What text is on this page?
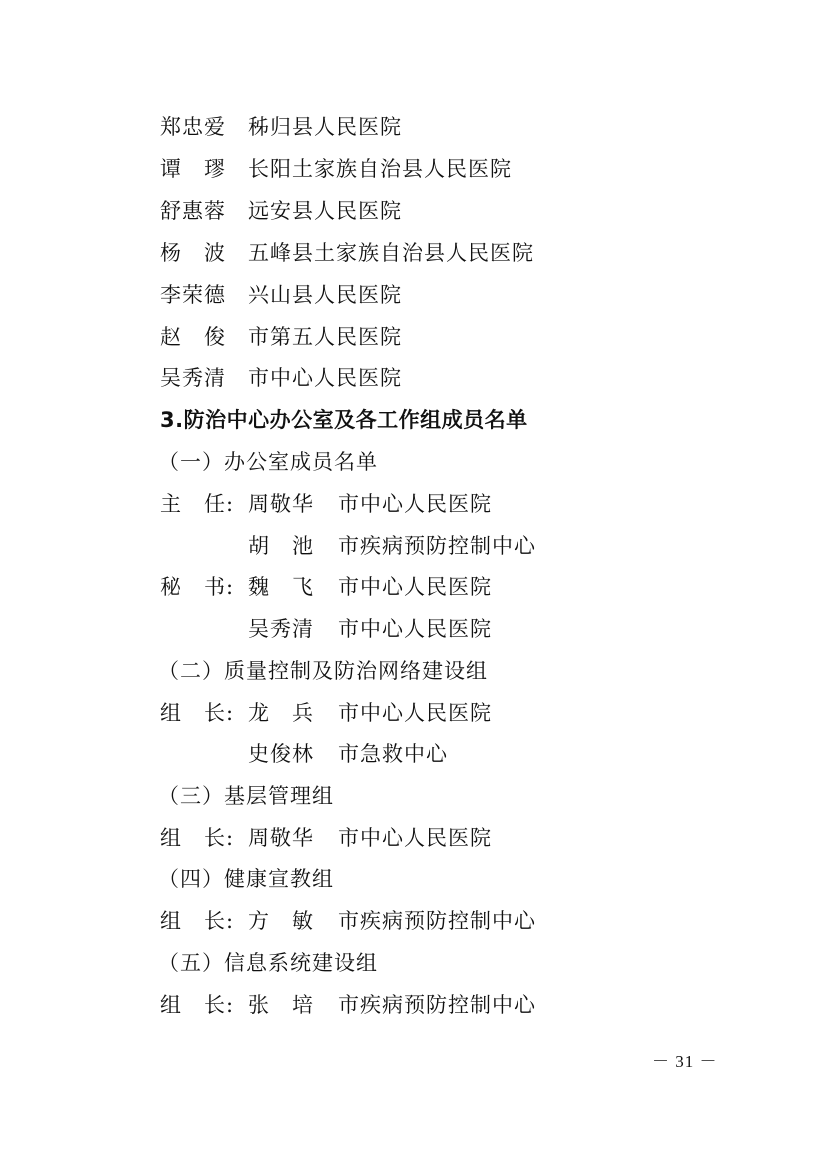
郑忠爱 秭归县人民医院
谭　璆 长阳土家族自治县人民医院
舒惠蓉 远安县人民医院
杨　波 五峰县土家族自治县人民医院
李荣德 兴山县人民医院
赵　俊 市第五人民医院
吴秀清 市中心人民医院
3.防治中心办公室及各工作组成员名单
（一）办公室成员名单
主　任: 周敬华 市中心人民医院
胡　池 市疾病预防控制中心
秘　书: 魏　飞 市中心人民医院
吴秀清 市中心人民医院
（二）质量控制及防治网络建设组
组　长: 龙　兵 市中心人民医院
史俊林 市急救中心
（三）基层管理组
组　长: 周敬华 市中心人民医院
（四）健康宣教组
组　长: 方　敏 市疾病预防控制中心
（五）信息系统建设组
组　长: 张　培 市疾病预防控制中心
－ 31 －
